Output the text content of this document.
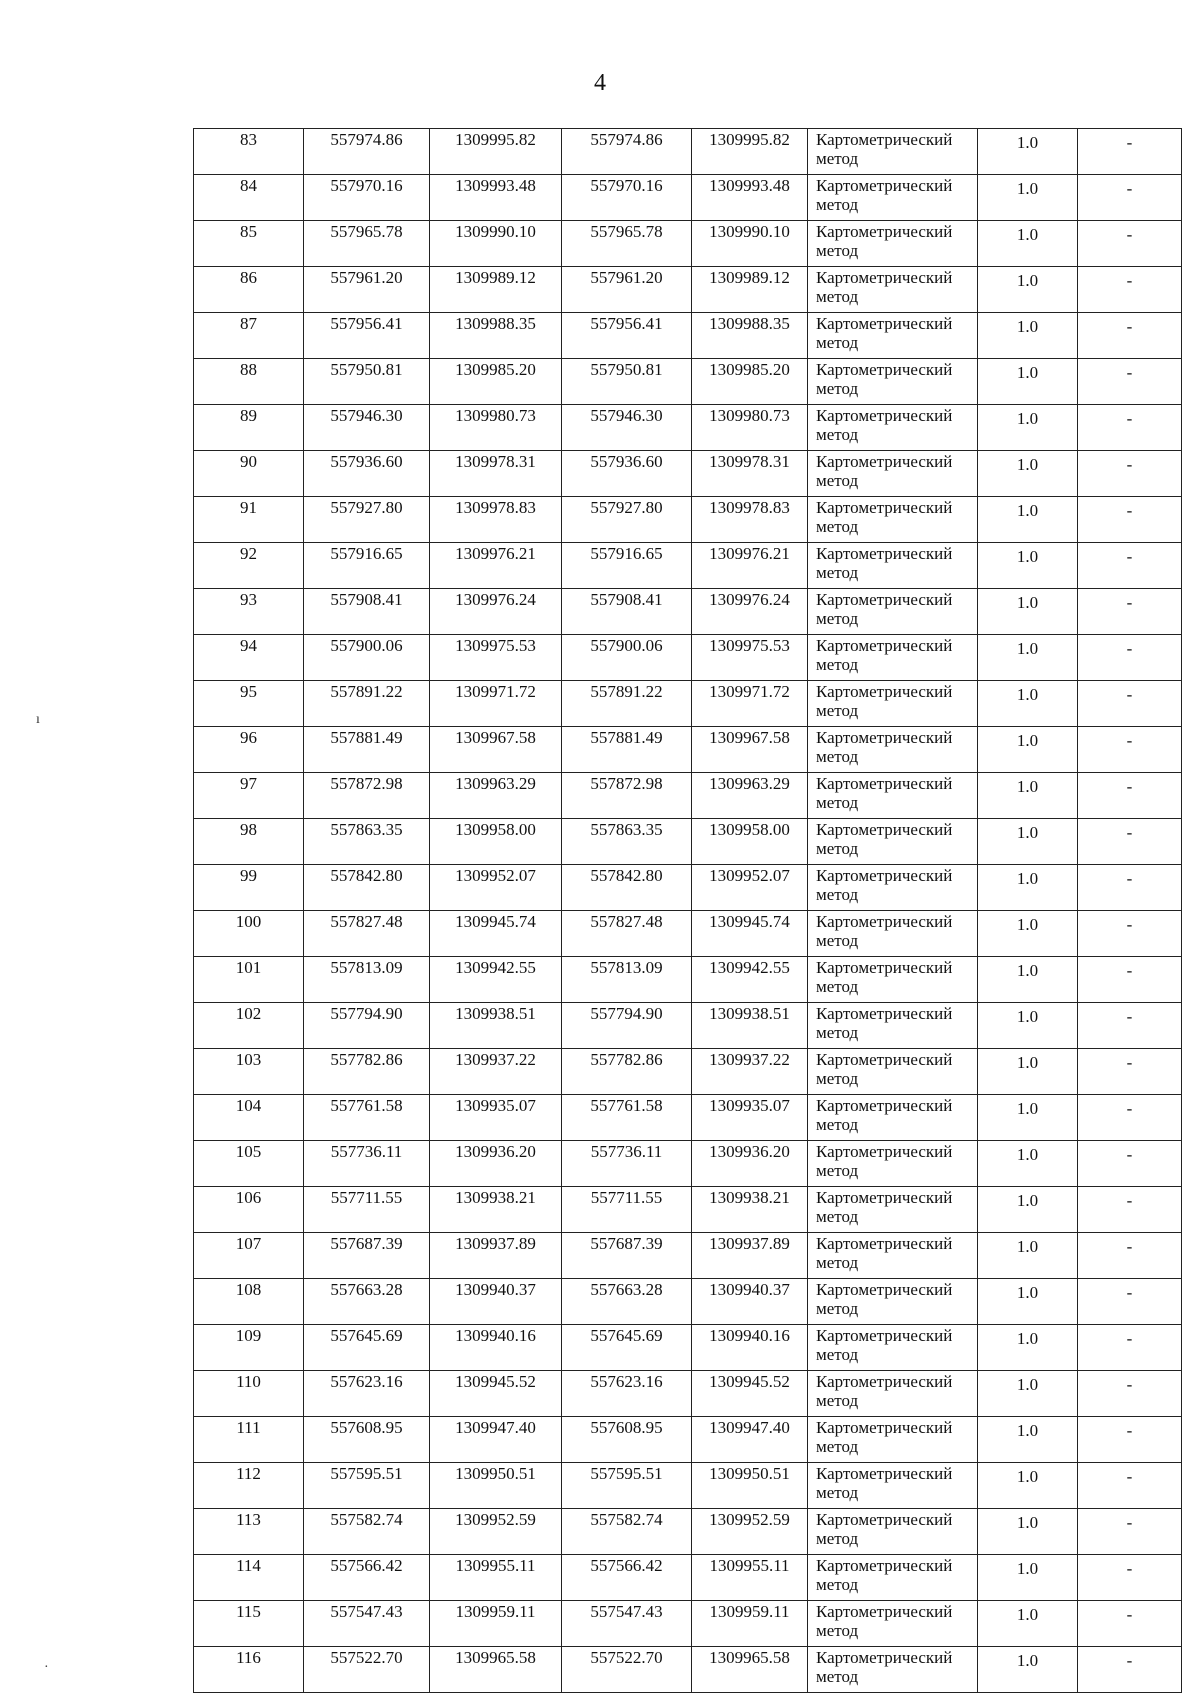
4
83	557974.86	1309995.82	557974.86	1309995.82	Картометрический метод	1.0	-
84	557970.16	1309993.48	557970.16	1309993.48	Картометрический метод	1.0	-
85	557965.78	1309990.10	557965.78	1309990.10	Картометрический метод	1.0	-
86	557961.20	1309989.12	557961.20	1309989.12	Картометрический метод	1.0	-
87	557956.41	1309988.35	557956.41	1309988.35	Картометрический метод	1.0	-
88	557950.81	1309985.20	557950.81	1309985.20	Картометрический метод	1.0	-
89	557946.30	1309980.73	557946.30	1309980.73	Картометрический метод	1.0	-
90	557936.60	1309978.31	557936.60	1309978.31	Картометрический метод	1.0	-
91	557927.80	1309978.83	557927.80	1309978.83	Картометрический метод	1.0	-
92	557916.65	1309976.21	557916.65	1309976.21	Картометрический метод	1.0	-
93	557908.41	1309976.24	557908.41	1309976.24	Картометрический метод	1.0	-
94	557900.06	1309975.53	557900.06	1309975.53	Картометрический метод	1.0	-
95	557891.22	1309971.72	557891.22	1309971.72	Картометрический метод	1.0	-
96	557881.49	1309967.58	557881.49	1309967.58	Картометрический метод	1.0	-
97	557872.98	1309963.29	557872.98	1309963.29	Картометрический метод	1.0	-
98	557863.35	1309958.00	557863.35	1309958.00	Картометрический метод	1.0	-
99	557842.80	1309952.07	557842.80	1309952.07	Картометрический метод	1.0	-
100	557827.48	1309945.74	557827.48	1309945.74	Картометрический метод	1.0	-
101	557813.09	1309942.55	557813.09	1309942.55	Картометрический метод	1.0	-
102	557794.90	1309938.51	557794.90	1309938.51	Картометрический метод	1.0	-
103	557782.86	1309937.22	557782.86	1309937.22	Картометрический метод	1.0	-
104	557761.58	1309935.07	557761.58	1309935.07	Картометрический метод	1.0	-
105	557736.11	1309936.20	557736.11	1309936.20	Картометрический метод	1.0	-
106	557711.55	1309938.21	557711.55	1309938.21	Картометрический метод	1.0	-
107	557687.39	1309937.89	557687.39	1309937.89	Картометрический метод	1.0	-
108	557663.28	1309940.37	557663.28	1309940.37	Картометрический метод	1.0	-
109	557645.69	1309940.16	557645.69	1309940.16	Картометрический метод	1.0	-
110	557623.16	1309945.52	557623.16	1309945.52	Картометрический метод	1.0	-
111	557608.95	1309947.40	557608.95	1309947.40	Картометрический метод	1.0	-
112	557595.51	1309950.51	557595.51	1309950.51	Картометрический метод	1.0	-
113	557582.74	1309952.59	557582.74	1309952.59	Картометрический метод	1.0	-
114	557566.42	1309955.11	557566.42	1309955.11	Картометрический метод	1.0	-
115	557547.43	1309959.11	557547.43	1309959.11	Картометрический метод	1.0	-
116	557522.70	1309965.58	557522.70	1309965.58	Картометрический метод	1.0	-
ı
·
